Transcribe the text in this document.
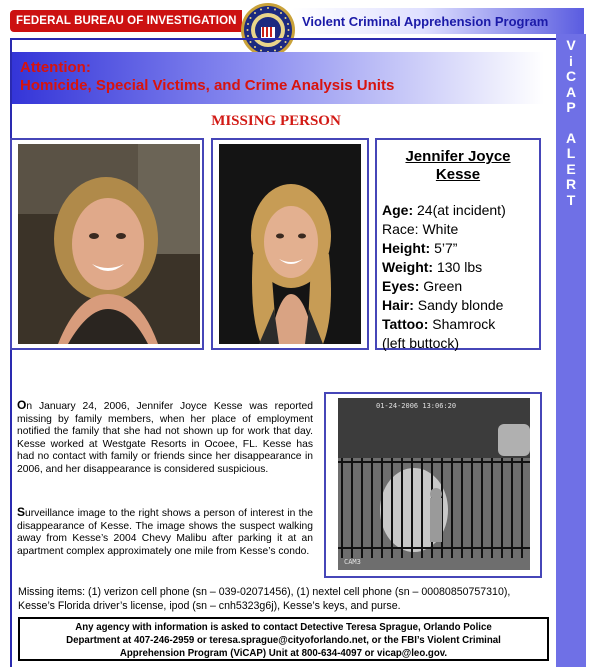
FEDERAL BUREAU OF INVESTIGATION	Violent Criminal Apprehension Program
V
i
C
A
P
A
L
E
R
T
Attention:
Homicide, Special Victims, and Crime Analysis Units
MISSING PERSON
Jennifer Joyce
Kesse
Age: 24(at incident)
Race: White
Height: 5’7”
Weight: 130 lbs
Eyes: Green
Hair: Sandy blonde
Tattoo: Shamrock
(left buttock)
On January 24, 2006, Jennifer Joyce Kesse was reported missing by family members, when her place of employment notified the family that she had not shown up for work that day. Kesse worked at Westgate Resorts in Ocoee, FL. Kesse has had no contact with family or friends since her disappearance in 2006, and her disappearance is considered suspicious.
Surveillance image to the right shows a person of interest in the disappearance of Kesse. The image shows the suspect walking away from Kesse’s 2004 Chevy Malibu after parking it at an apartment complex approximately one mile from Kesse’s condo.
01-24-2006 13:06:20
CAM3
Missing items: (1) verizon cell phone (sn – 039-02071456), (1) nextel cell phone (sn – 00080850757310), Kesse’s Florida driver’s license, ipod (sn – cnh5323g6j), Kesse’s keys, and purse.
Any agency with information is asked to contact Detective Teresa Sprague, Orlando Police
Department at 407-246-2959 or teresa.sprague@cityoforlando.net, or the FBI’s Violent Criminal
Apprehension Program (ViCAP) Unit at 800-634-4097 or vicap@leo.gov.
